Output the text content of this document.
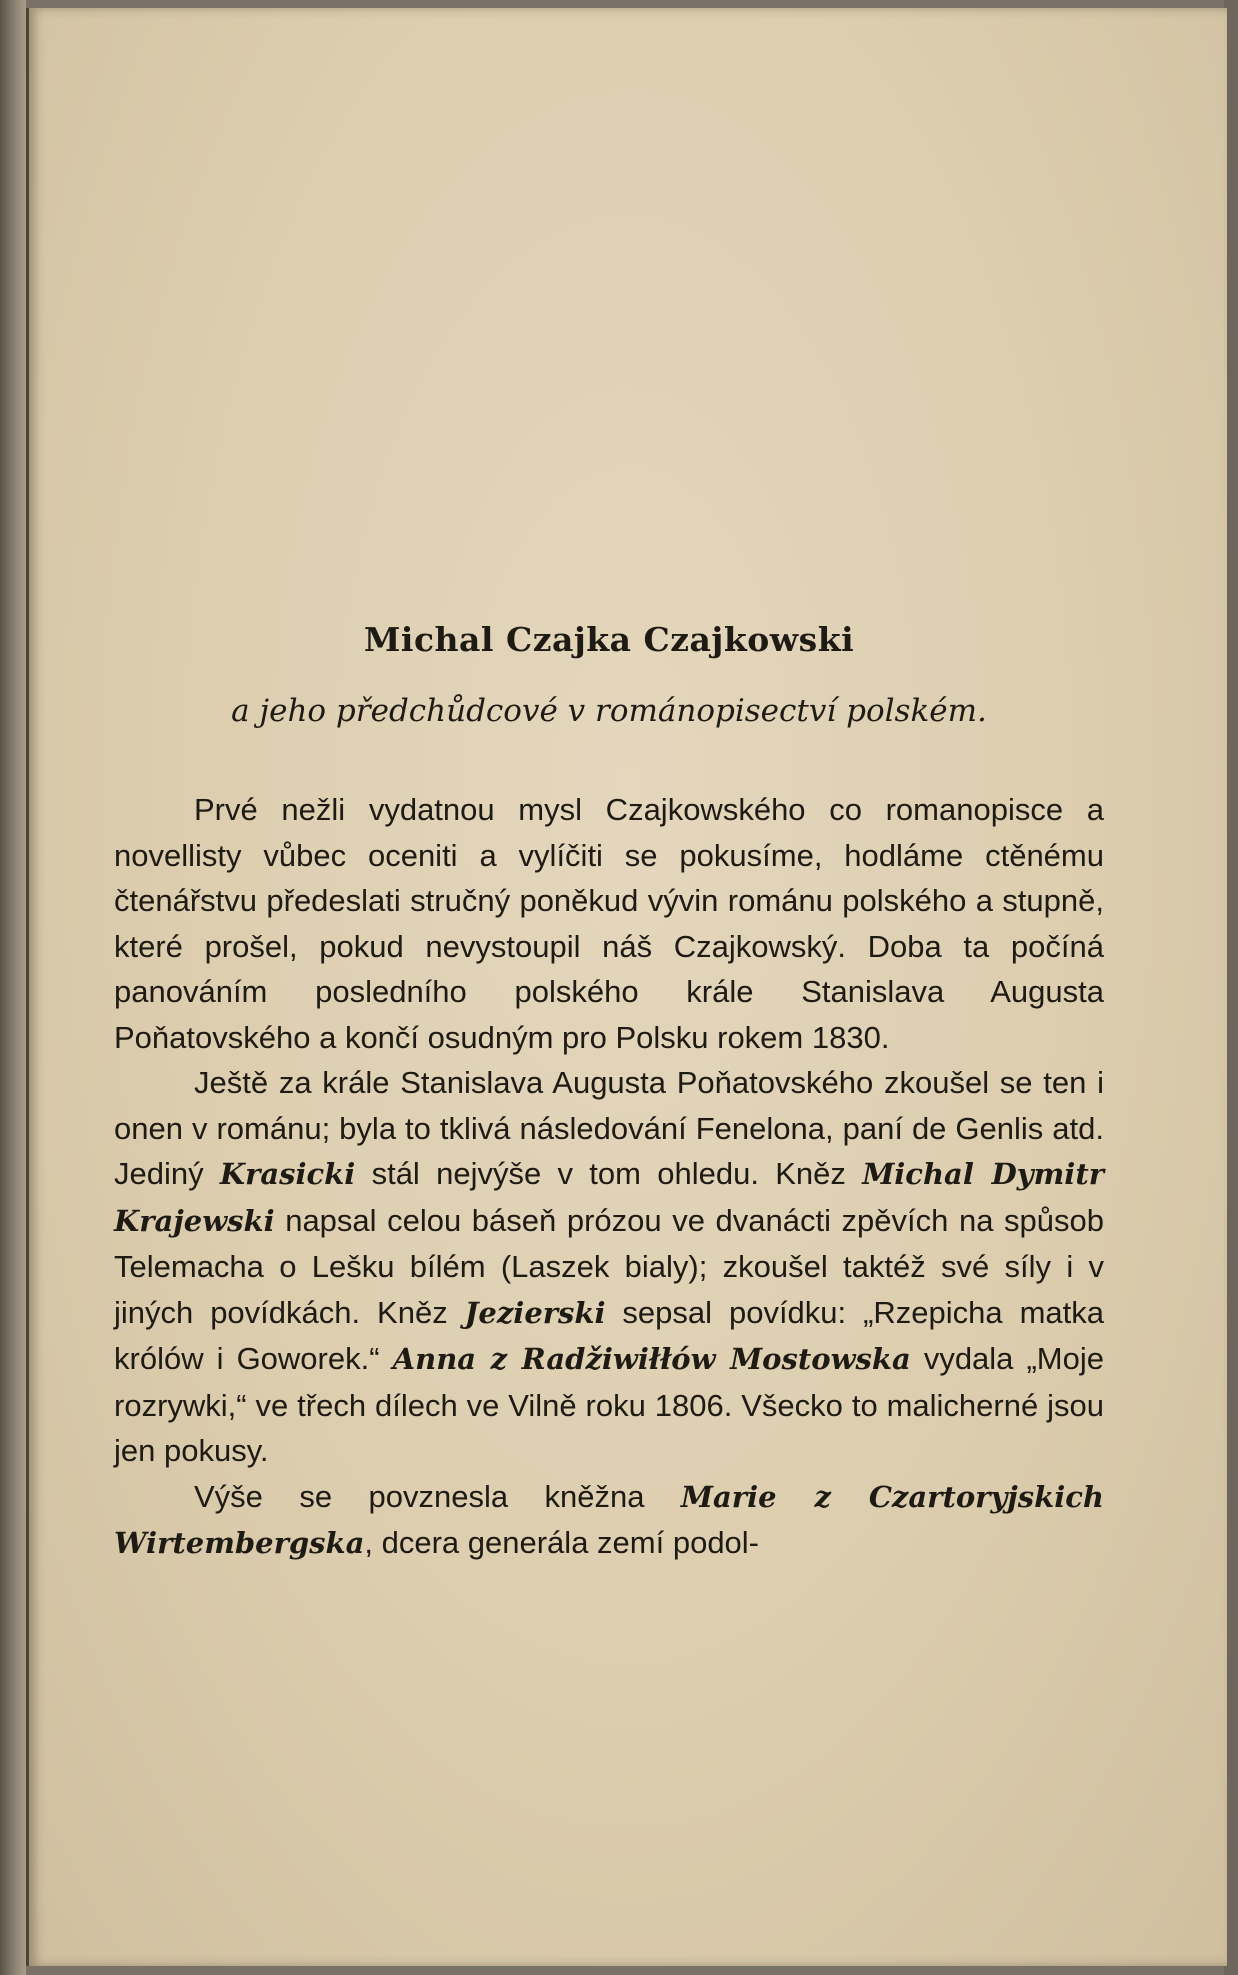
Michal Czajka Czajkowski

a jeho předchůdcové v románopisectví polském.

Prvé nežli vydatnou mysl Czajkowského co romanopisce a novellisty vůbec oceniti a vylíčiti se pokusíme, hodláme ctěnému čtenářstvu předeslati stručný poněkud vývin románu polského a stupně, které prošel, pokud nevystoupil náš Czajkowský. Doba ta počíná panováním posledního polského krále Stanislava Augusta Poňatovského a končí osudným pro Polsku rokem 1830.

Ještě za krále Stanislava Augusta Poňatovského zkoušel se ten i onen v románu; byla to tklivá následování Fenelona, paní de Genlis atd. Jediný Krasicki stál nejvýše v tom ohledu. Kněz Michal Dymitr Krajewski napsal celou báseň prózou ve dvanácti zpěvích na spůsob Telemacha o Lešku bílém (Laszek bialy); zkoušel taktéž své síly i v jiných povídkách. Kněz Jezierski sepsal povídku: „Rzepicha matka królów i Goworek.“ Anna z Radžiwiłłów Mostowska vydala „Moje rozrywki,“ ve třech dílech ve Vilně roku 1806. Všecko to malicherné jsou jen pokusy.

Výše se povznesla kněžna Marie z Czartoryjskich Wirtembergska, dcera generála zemí podol-
